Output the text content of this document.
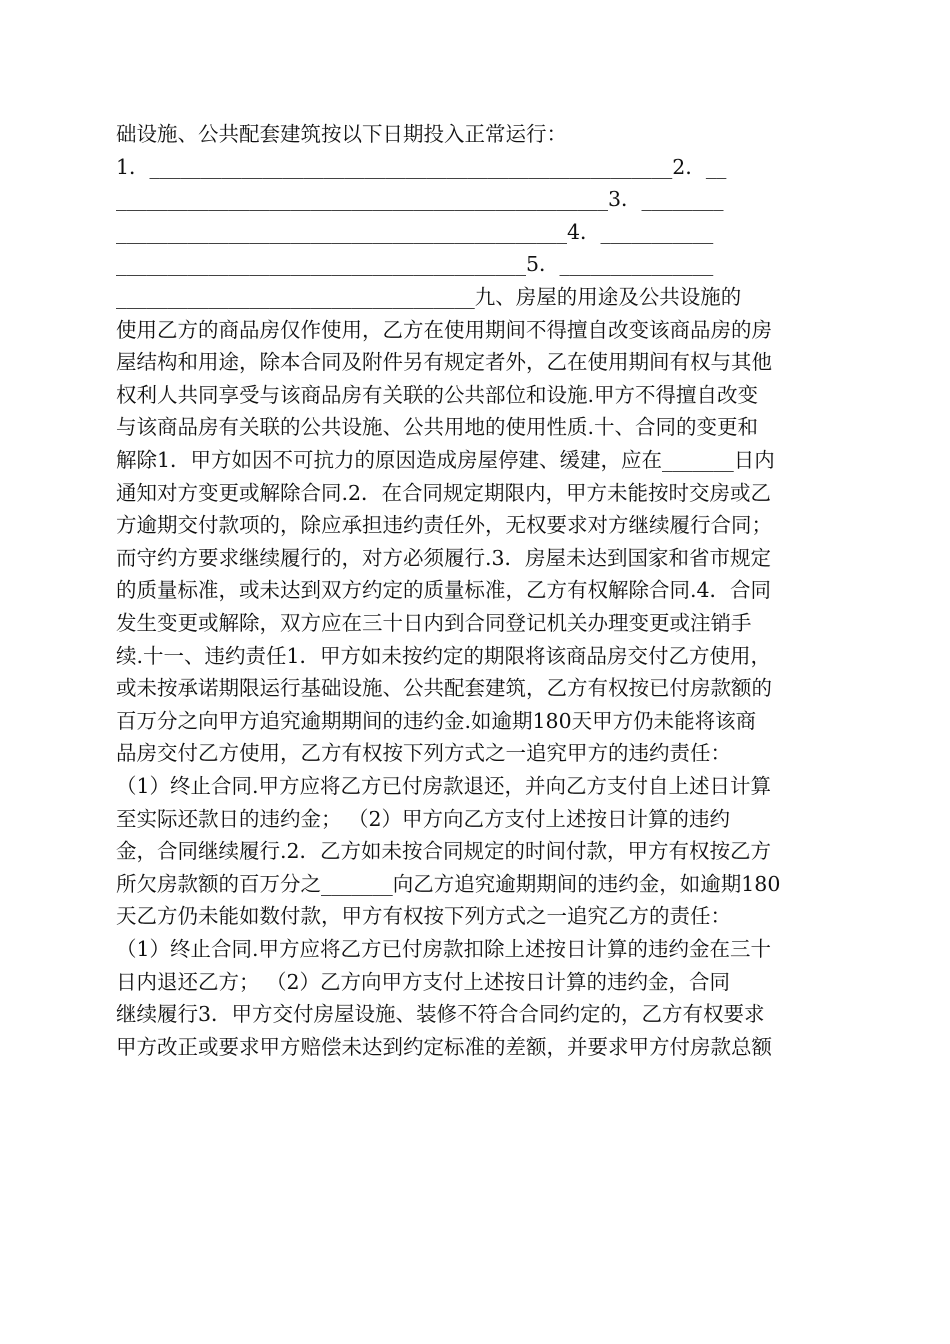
础设施、公共配套建筑按以下日期投入正常运行：
1．___________________________________________________2．__
________________________________________________3．________
____________________________________________4．___________
________________________________________5．_______________
___________________________________九、房屋的用途及公共设施的
使用乙方的商品房仅作使用，乙方在使用期间不得擅自改变该商品房的房
屋结构和用途，除本合同及附件另有规定者外，乙在使用期间有权与其他
权利人共同享受与该商品房有关联的公共部位和设施.甲方不得擅自改变
与该商品房有关联的公共设施、公共用地的使用性质.十、合同的变更和
解除1．甲方如因不可抗力的原因造成房屋停建、缓建，应在_______日内
通知对方变更或解除合同.2．在合同规定期限内，甲方未能按时交房或乙
方逾期交付款项的，除应承担违约责任外，无权要求对方继续履行合同；
而守约方要求继续履行的，对方必须履行.3．房屋未达到国家和省市规定
的质量标准，或未达到双方约定的质量标准，乙方有权解除合同.4．合同
发生变更或解除，双方应在三十日内到合同登记机关办理变更或注销手
续.十一、违约责任1．甲方如未按约定的期限将该商品房交付乙方使用，
或未按承诺期限运行基础设施、公共配套建筑，乙方有权按已付房款额的
百万分之向甲方追究逾期期间的违约金.如逾期180天甲方仍未能将该商
品房交付乙方使用，乙方有权按下列方式之一追究甲方的违约责任：
（1）终止合同.甲方应将乙方已付房款退还，并向乙方支付自上述日计算
至实际还款日的违约金； （2）甲方向乙方支付上述按日计算的违约
金，合同继续履行.2．乙方如未按合同规定的时间付款，甲方有权按乙方
所欠房款额的百万分之_______向乙方追究逾期期间的违约金，如逾期180
天乙方仍未能如数付款，甲方有权按下列方式之一追究乙方的责任：
（1）终止合同.甲方应将乙方已付房款扣除上述按日计算的违约金在三十
日内退还乙方； （2）乙方向甲方支付上述按日计算的违约金，合同
继续履行3．甲方交付房屋设施、装修不符合合同约定的，乙方有权要求
甲方改正或要求甲方赔偿未达到约定标准的差额，并要求甲方付房款总额
